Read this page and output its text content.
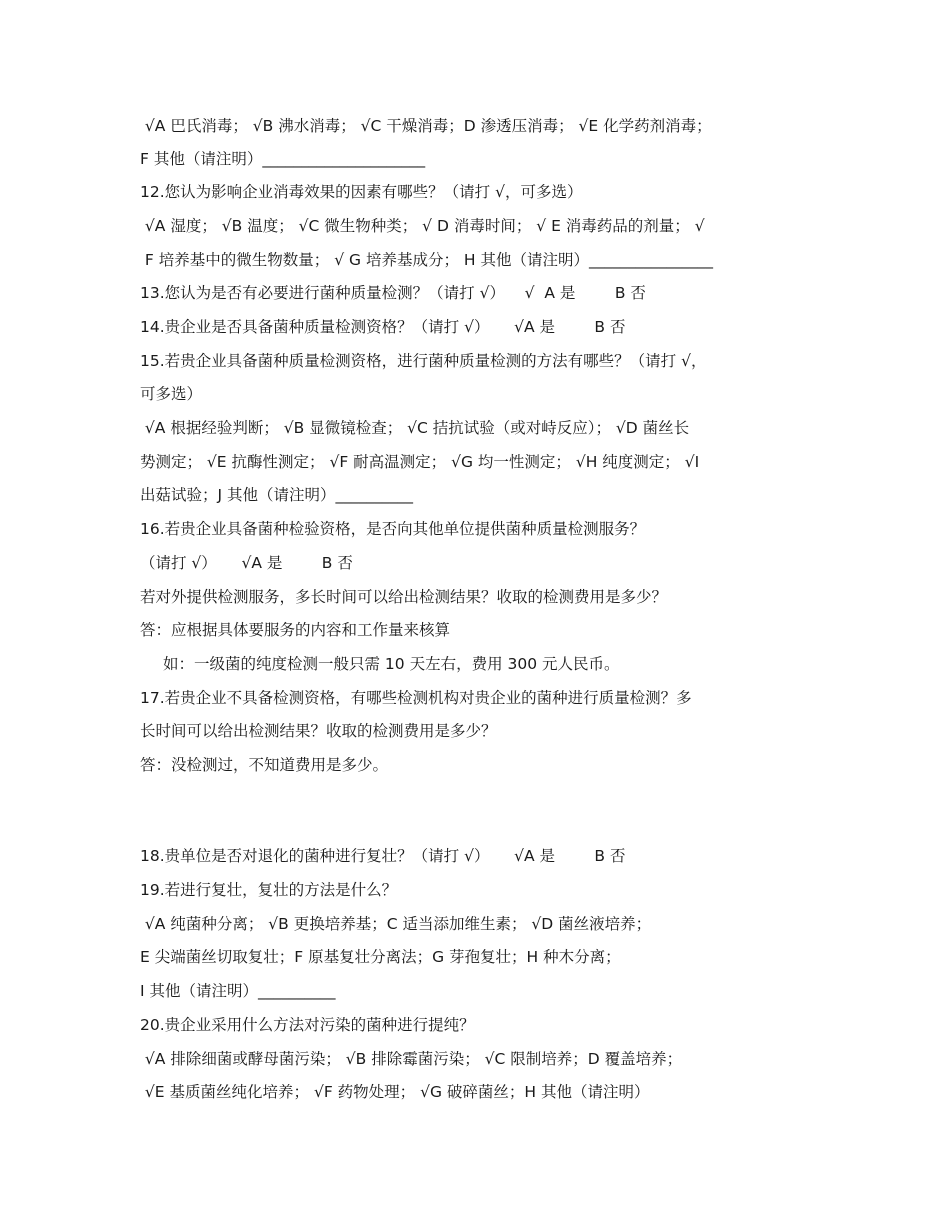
√A 巴氏消毒； √B 沸水消毒； √C 干燥消毒；D 渗透压消毒； √E 化学药剂消毒；
F 其他（请注明）_____________________
12.您认为影响企业消毒效果的因素有哪些？（请打 √，可多选）
√A 湿度； √B 温度； √C 微生物种类； √ D 消毒时间； √ E 消毒药品的剂量； √
F 培养基中的微生物数量； √ G 培养基成分； H 其他（请注明）________________
13.您认为是否有必要进行菌种质量检测？（请打 √）    √  A 是        B 否
14.贵企业是否具备菌种质量检测资格？（请打 √）     √A 是        B 否
15.若贵企业具备菌种质量检测资格，进行菌种质量检测的方法有哪些？（请打 √，
可多选）
√A 根据经验判断； √B 显微镜检查； √C 拮抗试验（或对峙反应）； √D 菌丝长
势测定； √E 抗酶性测定； √F 耐高温测定； √G 均一性测定； √H 纯度测定； √I
出菇试验；J 其他（请注明）__________
16.若贵企业具备菌种检验资格，是否向其他单位提供菌种质量检测服务？
（请打 √）     √A 是        B 否
若对外提供检测服务，多长时间可以给出检测结果？收取的检测费用是多少？
答：应根据具体要服务的内容和工作量来核算
如：一级菌的纯度检测一般只需 10 天左右，费用 300 元人民币。
17.若贵企业不具备检测资格，有哪些检测机构对贵企业的菌种进行质量检测？多
长时间可以给出检测结果？收取的检测费用是多少？
答：没检测过，不知道费用是多少。
18.贵单位是否对退化的菌种进行复壮？（请打 √）     √A 是        B 否
19.若进行复壮，复壮的方法是什么？
√A 纯菌种分离； √B 更换培养基；C 适当添加维生素； √D 菌丝液培养；
E 尖端菌丝切取复壮；F 原基复壮分离法；G 芽孢复壮；H 种木分离；
I 其他（请注明）__________
20.贵企业采用什么方法对污染的菌种进行提纯？
√A 排除细菌或酵母菌污染； √B 排除霉菌污染； √C 限制培养；D 覆盖培养；
√E 基质菌丝纯化培养； √F 药物处理； √G 破碎菌丝；H 其他（请注明）
